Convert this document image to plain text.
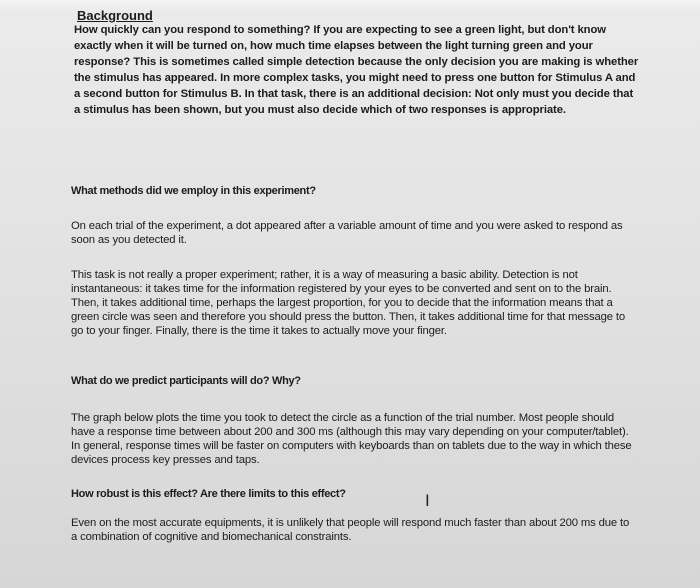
Background

How quickly can you respond to something? If you are expecting to see a green light, but don't know exactly when it will be turned on, how much time elapses between the light turning green and your response? This is sometimes called simple detection because the only decision you are making is whether the stimulus has appeared. In more complex tasks, you might need to press one button for Stimulus A and a second button for Stimulus B. In that task, there is an additional decision: Not only must you decide that a stimulus has been shown, but you must also decide which of two responses is appropriate.

What methods did we employ in this experiment?

On each trial of the experiment, a dot appeared after a variable amount of time and you were asked to respond as soon as you detected it.

This task is not really a proper experiment; rather, it is a way of measuring a basic ability. Detection is not instantaneous: it takes time for the information registered by your eyes to be converted and sent on to the brain. Then, it takes additional time, perhaps the largest proportion, for you to decide that the information means that a green circle was seen and therefore you should press the button. Then, it takes additional time for that message to go to your finger. Finally, there is the time it takes to actually move your finger.

What do we predict participants will do? Why?

The graph below plots the time you took to detect the circle as a function of the trial number. Most people should have a response time between about 200 and 300 ms (although this may vary depending on your computer/tablet). In general, response times will be faster on computers with keyboards than on tablets due to the way in which these devices process key presses and taps.

How robust is this effect? Are there limits to this effect?

Even on the most accurate equipments, it is unlikely that people will respond much faster than about 200 ms due to a combination of cognitive and biomechanical constraints.

I
